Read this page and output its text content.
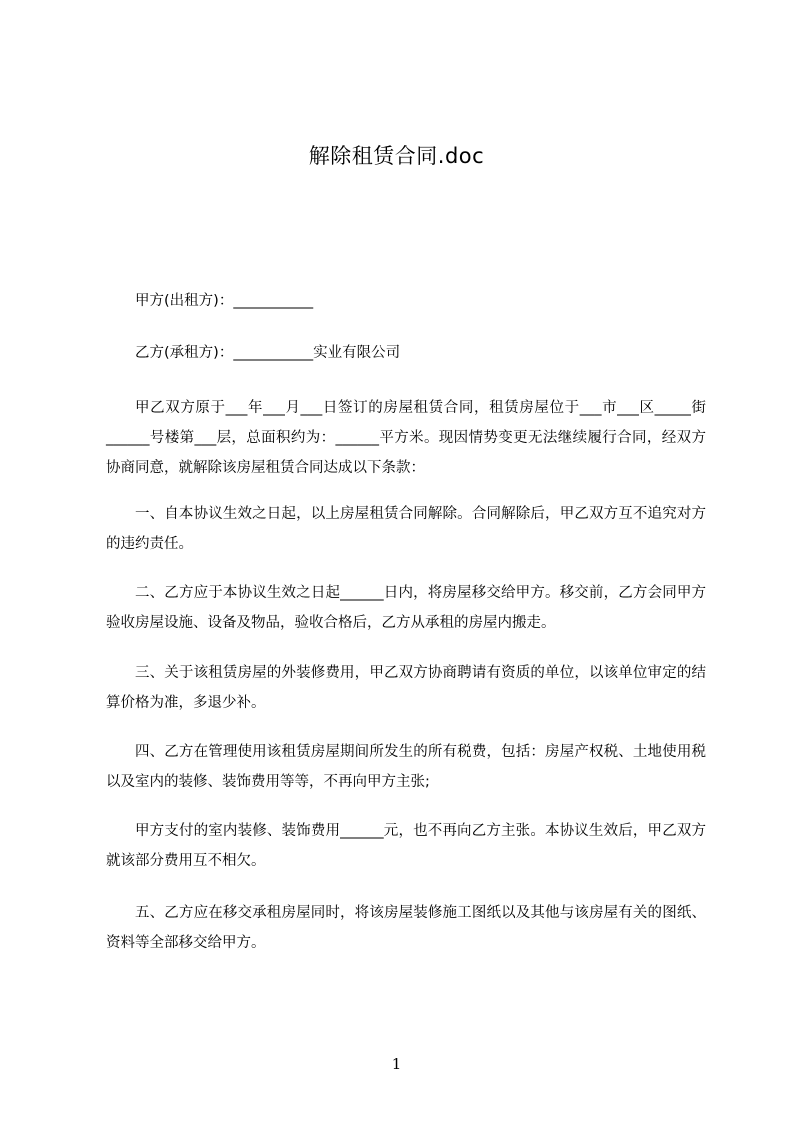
解除租赁合同.doc

甲方(出租方)：___________

乙方(承租方)：___________实业有限公司

甲乙双方原于___年___月___日签订的房屋租赁合同，租赁房屋位于___市___区_____街______号楼第___层，总面积约为：______平方米。现因情势变更无法继续履行合同，经双方协商同意，就解除该房屋租赁合同达成以下条款：

一、自本协议生效之日起，以上房屋租赁合同解除。合同解除后，甲乙双方互不追究对方的违约责任。

二、乙方应于本协议生效之日起______日内，将房屋移交给甲方。移交前，乙方会同甲方验收房屋设施、设备及物品，验收合格后，乙方从承租的房屋内搬走。

三、关于该租赁房屋的外装修费用，甲乙双方协商聘请有资质的单位，以该单位审定的结算价格为准，多退少补。

四、乙方在管理使用该租赁房屋期间所发生的所有税费，包括：房屋产权税、土地使用税以及室内的装修、装饰费用等等，不再向甲方主张;

甲方支付的室内装修、装饰费用______元，也不再向乙方主张。本协议生效后，甲乙双方就该部分费用互不相欠。

五、乙方应在移交承租房屋同时，将该房屋装修施工图纸以及其他与该房屋有关的图纸、资料等全部移交给甲方。

1
